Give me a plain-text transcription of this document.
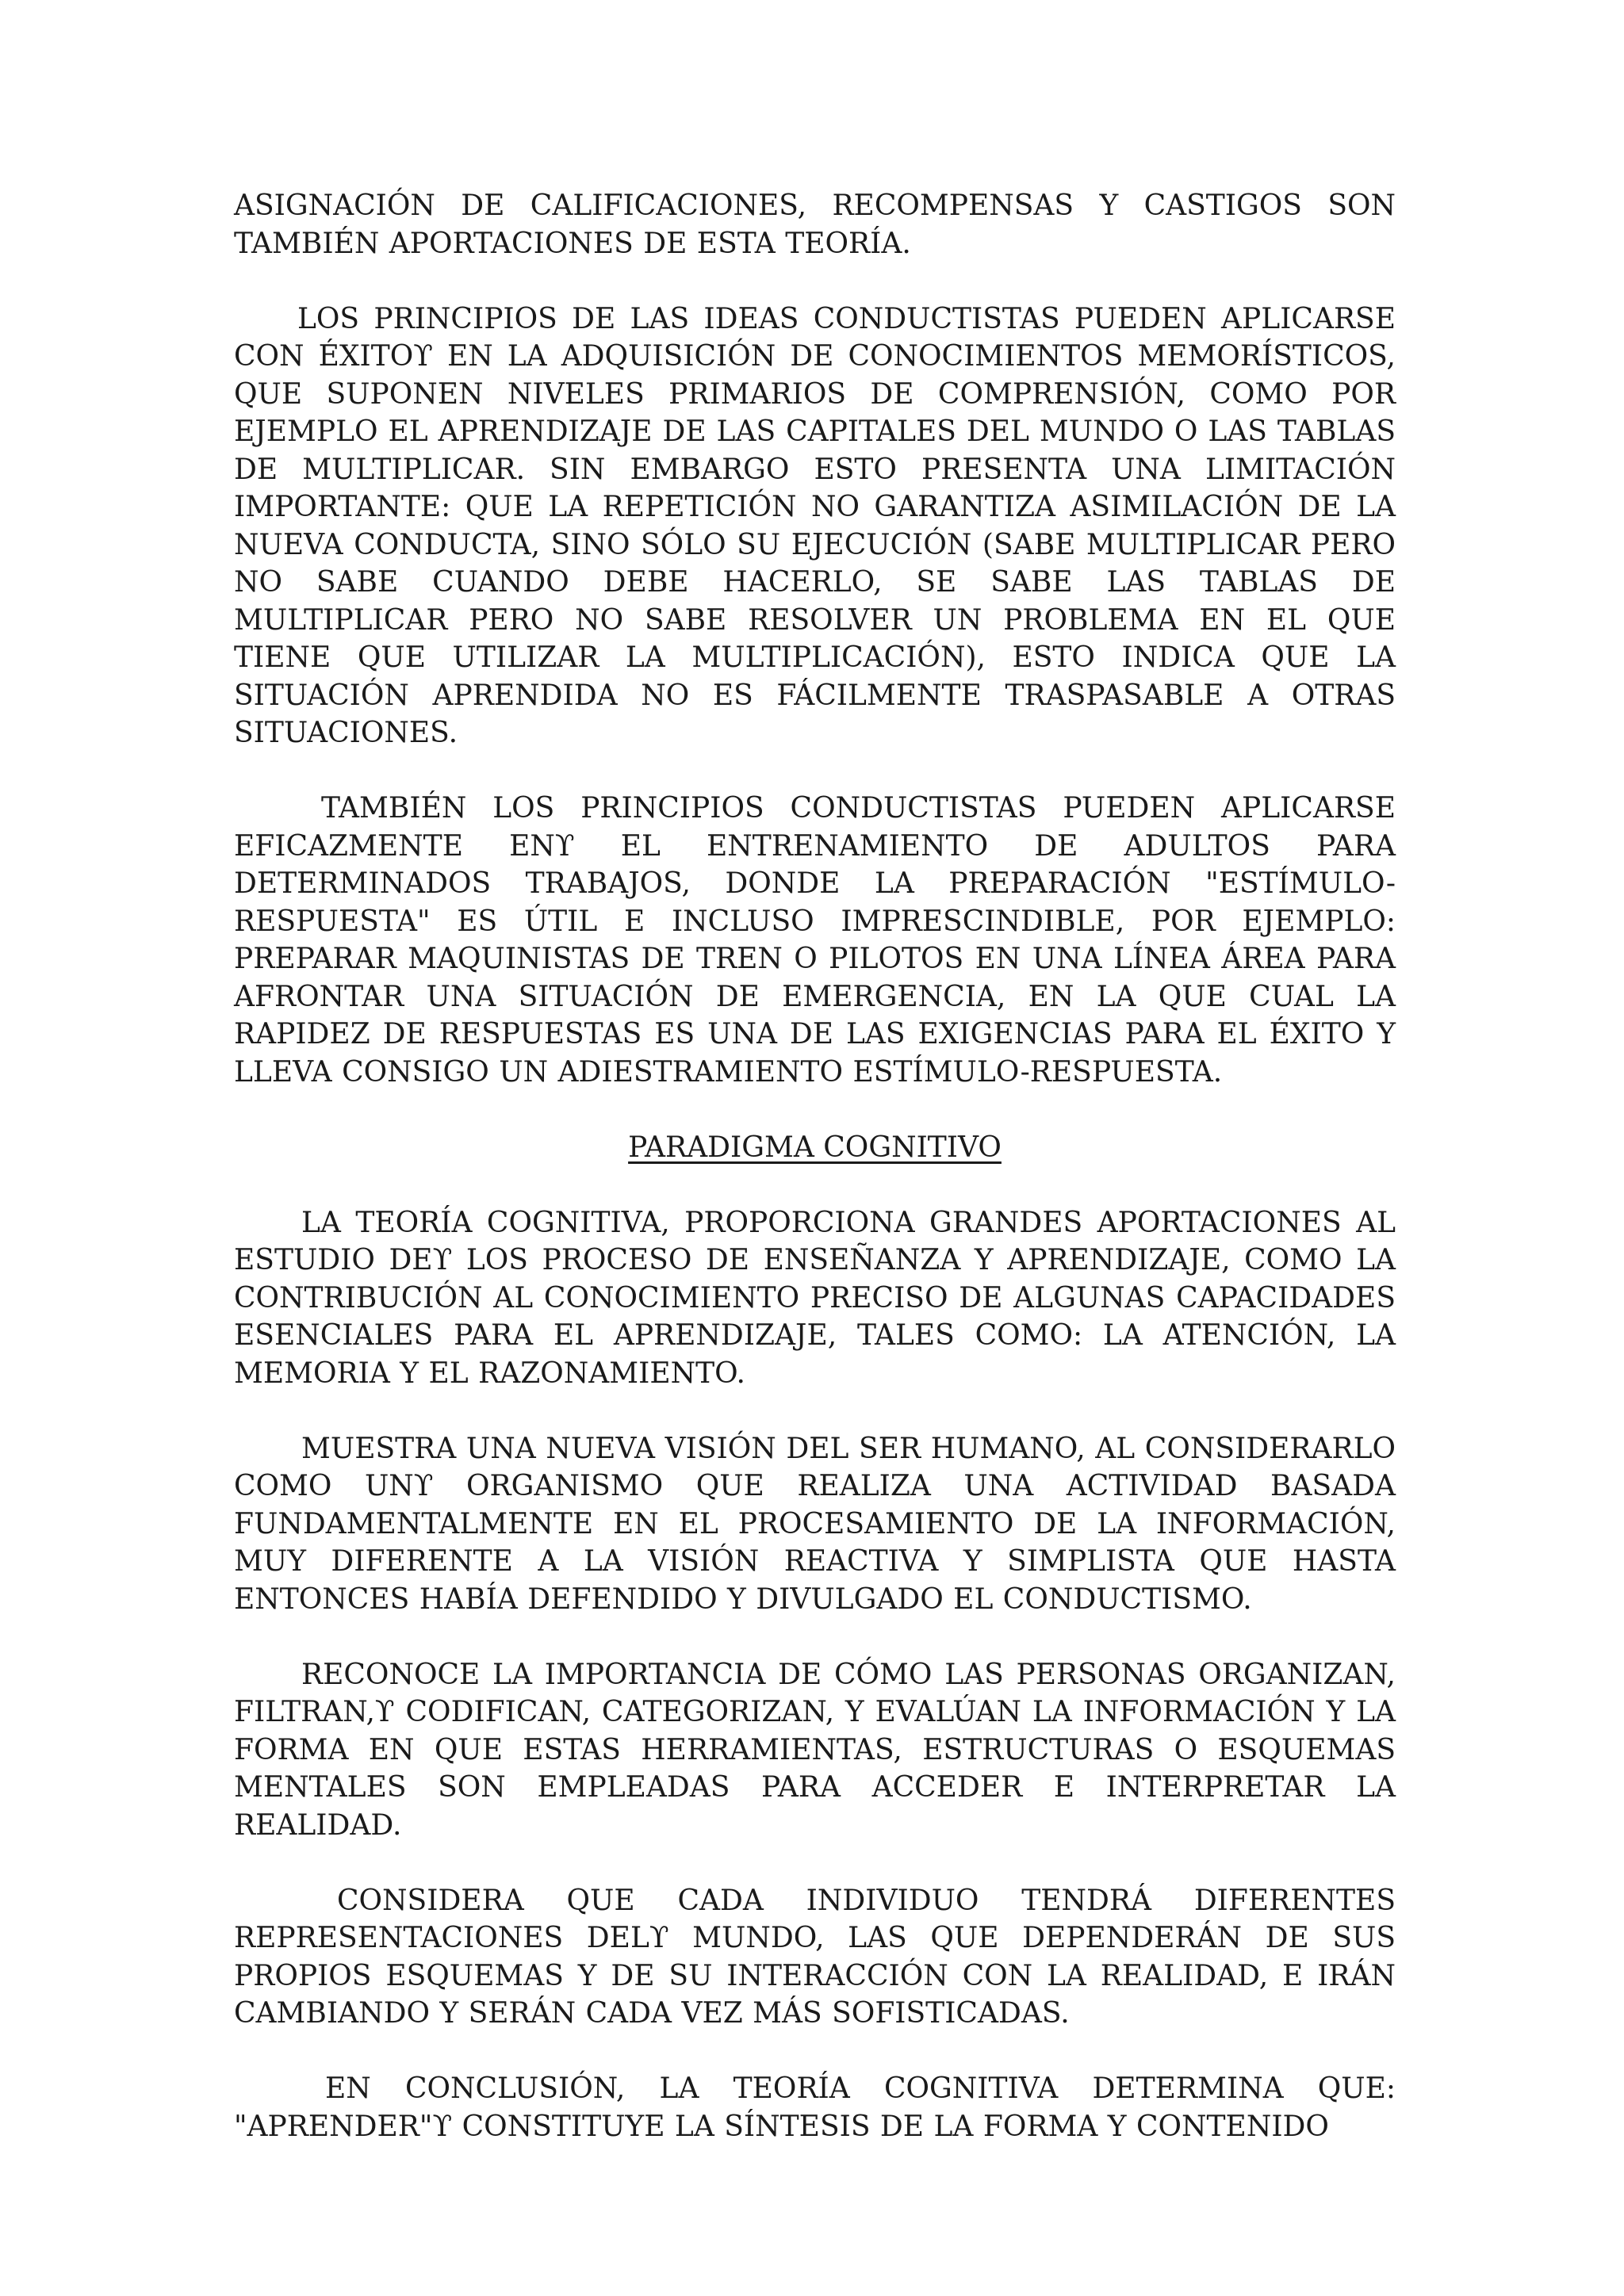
ASIGNACIÓN DE CALIFICACIONES, RECOMPENSAS Y CASTIGOS SON TAMBIÉN APORTACIONES DE ESTA TEORÍA.

LOS PRINCIPIOS DE LAS IDEAS CONDUCTISTAS PUEDEN APLICARSE CON ÉXITOϒ EN LA ADQUISICIÓN DE CONOCIMIENTOS MEMORÍSTICOS, QUE SUPONEN NIVELES PRIMARIOS DE COMPRENSIÓN, COMO POR EJEMPLO EL APRENDIZAJE DE LAS CAPITALES DEL MUNDO O LAS TABLAS DE MULTIPLICAR. SIN EMBARGO ESTO PRESENTA UNA LIMITACIÓN IMPORTANTE: QUE LA REPETICIÓN NO GARANTIZA ASIMILACIÓN DE LA NUEVA CONDUCTA, SINO SÓLO SU EJECUCIÓN (SABE MULTIPLICAR PERO NO SABE CUANDO DEBE HACERLO, SE SABE LAS TABLAS DE MULTIPLICAR PERO NO SABE RESOLVER UN PROBLEMA EN EL QUE TIENE QUE UTILIZAR LA MULTIPLICACIÓN), ESTO INDICA QUE LA SITUACIÓN APRENDIDA NO ES FÁCILMENTE TRASPASABLE A OTRAS SITUACIONES.

TAMBIÉN LOS PRINCIPIOS CONDUCTISTAS PUEDEN APLICARSE EFICAZMENTE ENϒ EL ENTRENAMIENTO DE ADULTOS PARA DETERMINADOS TRABAJOS, DONDE LA PREPARACIÓN "ESTÍMULO-RESPUESTA" ES ÚTIL E INCLUSO IMPRESCINDIBLE, POR EJEMPLO: PREPARAR MAQUINISTAS DE TREN O PILOTOS EN UNA LÍNEA ÁREA PARA AFRONTAR UNA SITUACIÓN DE EMERGENCIA, EN LA QUE CUAL LA RAPIDEZ DE RESPUESTAS ES UNA DE LAS EXIGENCIAS PARA EL ÉXITO Y LLEVA CONSIGO UN ADIESTRAMIENTO ESTÍMULO-RESPUESTA.

PARADIGMA COGNITIVO

LA TEORÍA COGNITIVA, PROPORCIONA GRANDES APORTACIONES AL ESTUDIO DEϒ LOS PROCESO DE ENSEÑANZA Y APRENDIZAJE, COMO LA CONTRIBUCIÓN AL CONOCIMIENTO PRECISO DE ALGUNAS CAPACIDADES ESENCIALES PARA EL APRENDIZAJE, TALES COMO: LA ATENCIÓN, LA MEMORIA Y EL RAZONAMIENTO.

MUESTRA UNA NUEVA VISIÓN DEL SER HUMANO, AL CONSIDERARLO COMO UNϒ ORGANISMO QUE REALIZA UNA ACTIVIDAD BASADA FUNDAMENTALMENTE EN EL PROCESAMIENTO DE LA INFORMACIÓN, MUY DIFERENTE A LA VISIÓN REACTIVA Y SIMPLISTA QUE HASTA ENTONCES HABÍA DEFENDIDO Y DIVULGADO EL CONDUCTISMO.

RECONOCE LA IMPORTANCIA DE CÓMO LAS PERSONAS ORGANIZAN, FILTRAN,ϒ CODIFICAN, CATEGORIZAN, Y EVALÚAN LA INFORMACIÓN Y LA FORMA EN QUE ESTAS HERRAMIENTAS, ESTRUCTURAS O ESQUEMAS MENTALES SON EMPLEADAS PARA ACCEDER E INTERPRETAR LA REALIDAD.

CONSIDERA QUE CADA INDIVIDUO TENDRÁ DIFERENTES REPRESENTACIONES DELϒ MUNDO, LAS QUE DEPENDERÁN DE SUS PROPIOS ESQUEMAS Y DE SU INTERACCIÓN CON LA REALIDAD, E IRÁN CAMBIANDO Y SERÁN CADA VEZ MÁS SOFISTICADAS.

EN CONCLUSIÓN, LA TEORÍA COGNITIVA DETERMINA QUE: "APRENDER"ϒ CONSTITUYE LA SÍNTESIS DE LA FORMA Y CONTENIDO
